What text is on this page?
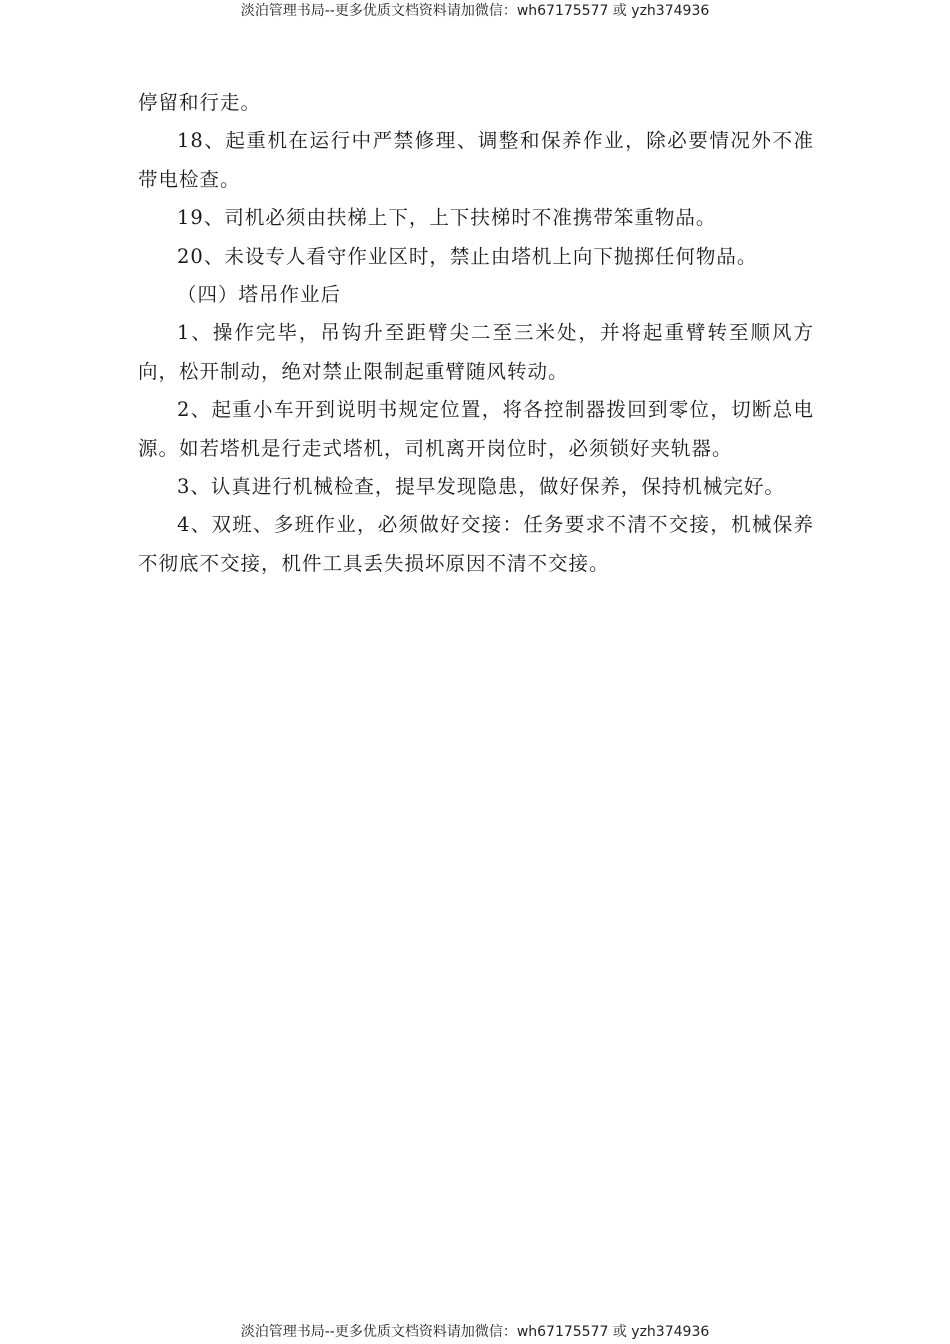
淡泊管理书局--更多优质文档资料请加微信：wh67175577 或 yzh374936

停留和行走。

18、起重机在运行中严禁修理、调整和保养作业，除必要情况外不准带电检查。

19、司机必须由扶梯上下，上下扶梯时不准携带笨重物品。

20、未设专人看守作业区时，禁止由塔机上向下抛掷任何物品。

（四）塔吊作业后

1、操作完毕，吊钩升至距臂尖二至三米处，并将起重臂转至顺风方向，松开制动，绝对禁止限制起重臂随风转动。

2、起重小车开到说明书规定位置，将各控制器拨回到零位，切断总电源。如若塔机是行走式塔机，司机离开岗位时，必须锁好夹轨器。

3、认真进行机械检查，提早发现隐患，做好保养，保持机械完好。

4、双班、多班作业，必须做好交接：任务要求不清不交接，机械保养不彻底不交接，机件工具丢失损坏原因不清不交接。

淡泊管理书局--更多优质文档资料请加微信：wh67175577 或 yzh374936
